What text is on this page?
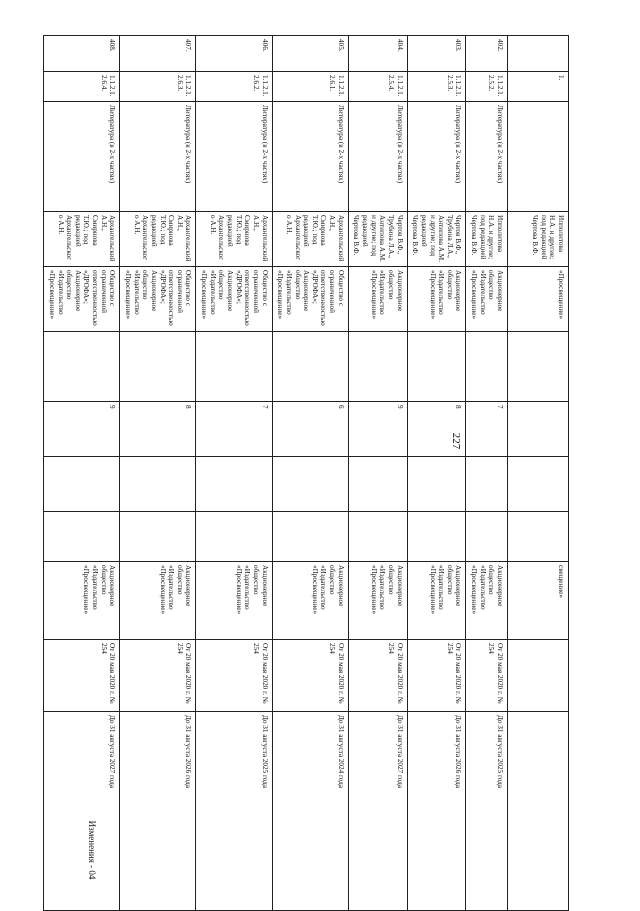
227
Изменения - 04
	1.		Ипполитова Н.А. и другие; под редакцией Чертова В.Ф.	«Просвещение»					свещение»		
402.	1.1.2.1.2.5.2.	Литература (в 2-х частях)	Ипполитова Н.А. и другие; под редакцией Чертова В.Ф.	Акционерное общество «Издательство «Просвещение»		7			Акционерное общество «Издательство «Просвещение»	От 20 мая 2020 г. № 254	До 31 августа 2025 года
403.	1.1.2.1.2.5.3.	Литература (в 2-х частях)	Чертов В.Ф., Трубина Л.А., Антипова А.М. и другие; под редакцией Чертова В.Ф.	Акционерное общество «Издательство «Просвещение»		8			Акционерное общество «Издательство «Просвещение»	От 20 мая 2020 г. № 254	До 31 августа 2026 года
404.	1.1.2.1.2.5.4.	Литература (в 2-х частях)	Чертов В.Ф., Трубина Л.А., Антипова А.М. и другие; под редакцией Чертова В.Ф.	Акционерное общество «Издательство «Просвещение»		9			Акционерное общество «Издательство «Просвещение»	От 20 мая 2020 г. № 254	До 31 августа 2027 года
405.	1.1.2.1.2.6.1.	Литература (в 2-х частях)	Архангельский А.Н., Смирнова Т.Ю.; под редакцией Архангельского А.Н.	Общество с ограниченной ответственностью «ДРОФА»; Акционерное общество «Издательство «Просвещение»		6			Акционерное общество «Издательство «Просвещение»	От 20 мая 2020 г. № 254	До 31 августа 2024 года
406.	1.1.2.1.2.6.2.	Литература (в 2-х частях)	Архангельский А.Н., Смирнова Т.Ю.; под редакцией Архангельского А.Н.	Общество с ограниченной ответственностью «ДРОФА»; Акционерное общество «Издательство «Просвещение»		7			Акционерное общество «Издательство «Просвещение»	От 20 мая 2020 г. № 254	До 31 августа 2025 года
407.	1.1.2.1.2.6.3.	Литература (в 2-х частях)	Архангельский А.Н., Смирнова Т.Ю.; под редакцией Архангельского А.Н.	Общество с ограниченной ответственностью «ДРОФА»; Акционерное общество «Издательство «Просвещение»		8			Акционерное общество «Издательство «Просвещение»	От 20 мая 2020 г. № 254	До 31 августа 2026 года
408.	1.1.2.1.2.6.4.	Литература (в 2-х частях)	Архангельский А.Н., Смирнова Т.Ю.; под редакцией Архангельского А.Н.	Общество с ограниченной ответственностью «ДРОФА»; Акционерное общество «Издательство «Просвещение»		9			Акционерное общество «Издательство «Просвещение»	От 20 мая 2020 г. № 254	До 31 августа 2027 года
